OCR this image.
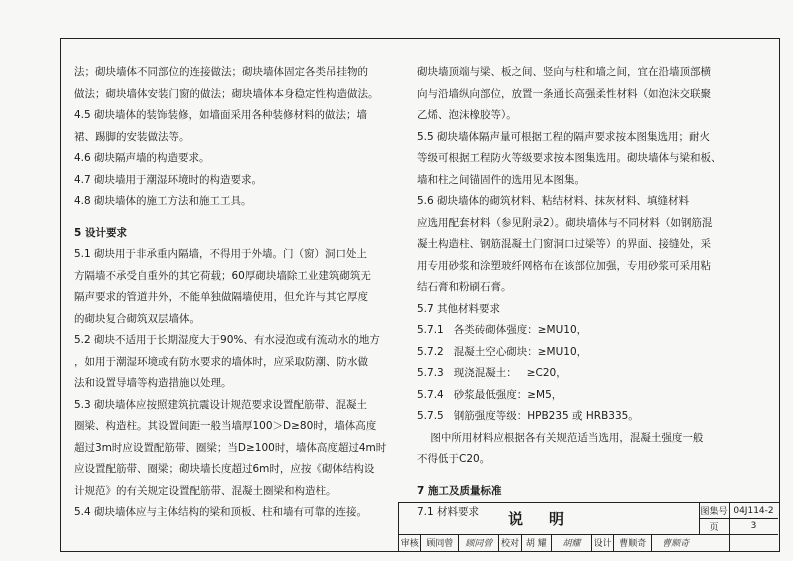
法；砌块墙体不同部位的连接做法；砌块墙体固定各类吊挂物的
做法；砌块墙体安装门窗的做法；砌块墙体本身稳定性构造做法。
4.5 砌块墙体的装饰装修，如墙面采用各种装修材料的做法；墙
裙、踢脚的安装做法等。
4.6 砌块隔声墙的构造要求。
4.7 砌块墙用于潮湿环境时的构造要求。
4.8 砌块墙体的施工方法和施工工具。
5 设计要求
5.1 砌块用于非承重内隔墙，不得用于外墙。门（窗）洞口处上
方隔墙不承受自重外的其它荷载；60厚砌块墙除工业建筑砌筑无
隔声要求的管道井外，不能单独做隔墙使用，但允许与其它厚度
的砌块复合砌筑双层墙体。
5.2 砌块不适用于长期湿度大于90%、有水浸泡或有流动水的地方
，如用于潮湿环境或有防水要求的墙体时，应采取防潮、防水做
法和设置导墙等构造措施以处理。
5.3 砌块墙体应按照建筑抗震设计规范要求设置配筋带、混凝土
圈梁、构造柱。其设置间距一般当墙厚100＞D≥80时，墙体高度
超过3m时应设置配筋带、圈梁；当D≥100时，墙体高度超过4m时
应设置配筋带、圈梁；砌块墙长度超过6m时，应按《砌体结构设
计规范》的有关规定设置配筋带、混凝土圈梁和构造柱。
5.4 砌块墙体应与主体结构的梁和顶板、柱和墙有可靠的连接。
砌块墙顶端与梁、板之间、竖向与柱和墙之间，宜在沿墙顶部横
向与沿墙纵向部位，放置一条通长高强柔性材料（如泡沫交联聚
乙烯、泡沫橡胶等）。
5.5 砌块墙体隔声量可根据工程的隔声要求按本图集选用；耐火
等级可根据工程防火等级要求按本图集选用。砌块墙体与梁和板、
墙和柱之间锚固件的选用见本图集。
5.6 砌块墙体的砌筑材料、粘结材料、抹灰材料、填缝材料
应选用配套材料（参见附录2）。砌块墙体与不同材料（如钢筋混
凝土构造柱、钢筋混凝土门窗洞口过梁等）的界面、接缝处，采
用专用砂浆和涂塑玻纤网格布在该部位加强，专用砂浆可采用粘
结石膏和粉刷石膏。
5.7 其他材料要求
5.7.1   各类砖砌体强度：≥MU10，
5.7.2   混凝土空心砌块：≥MU10，
5.7.3   现浇混凝土：   ≥C20，
5.7.4   砂浆最低强度：≥M5，
5.7.5   钢筋强度等级：HPB235 或 HRB335。
图中所用材料应根据各有关规范适当选用，混凝土强度一般
不得低于C20。
7 施工及质量标准
7.1 材料要求	说明	图集号 04J114-2
页	3
审核 顾同曾	顾同曾 校对 胡 耀	胡耀	设计 曹顺奇	曹顺奇
